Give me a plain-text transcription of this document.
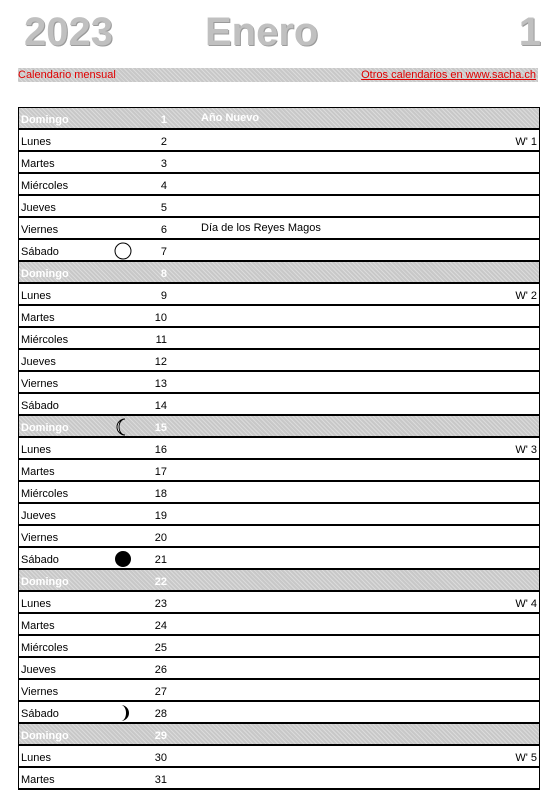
2023 Enero	1
Calendario mensual	Otros calendarios en www.sacha.ch
Domingo	1	Año Nuevo
Lunes	2	W' 1
Martes	3
Miércoles	4
Jueves	5
Viernes	6	Día de los Reyes Magos
Sábado	7
Domingo	8
Lunes	9	W' 2
Martes	10
Miércoles	11
Jueves	12
Viernes	13
Sábado	14
Domingo	15
Lunes	16	W' 3
Martes	17
Miércoles	18
Jueves	19
Viernes	20
Sábado	21
Domingo	22
Lunes	23	W' 4
Martes	24
Miércoles	25
Jueves	26
Viernes	27
Sábado	28
Domingo	29
Lunes	30	W' 5
Martes	31
